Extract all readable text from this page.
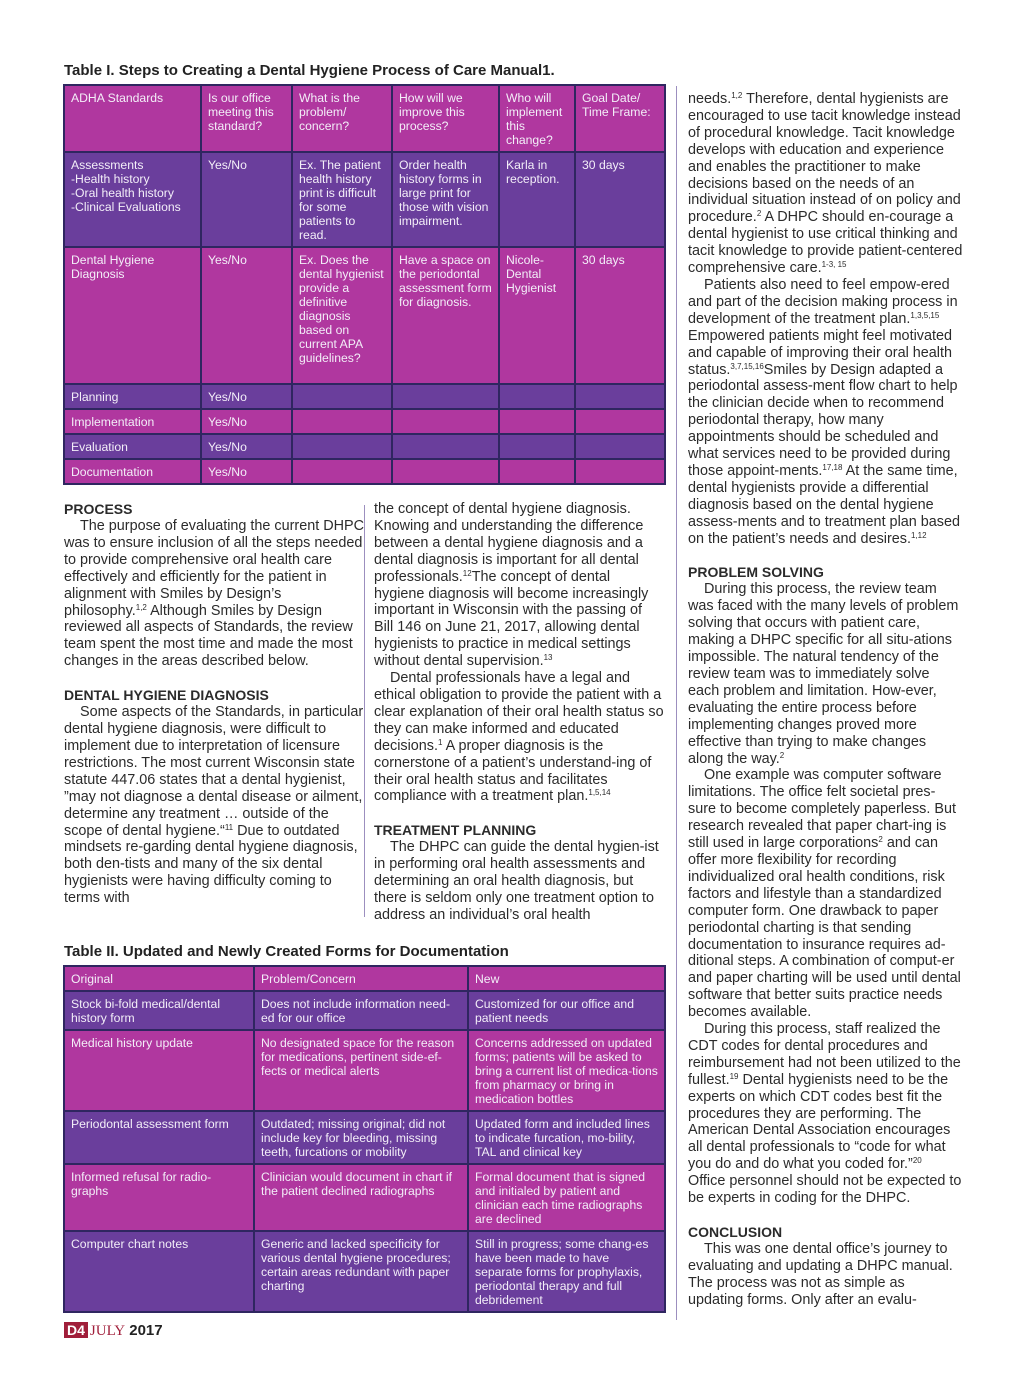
Table I. Steps to Creating a Dental Hygiene Process of Care Manual1.
ADHA Standards	Is our office meeting this standard?	What is the problem/ concern?	How will we improve this process?	Who will implement this change?	Goal Date/ Time Frame:
Assessments
-Health history
-Oral health history
-Clinical Evaluations	Yes/No	Ex. The patient health history print is difficult for some patients to read.	Order health history forms in large print for those with vision impairment.	Karla in reception.	30 days
Dental Hygiene Diagnosis	Yes/No	Ex. Does the dental hygienist provide a definitive diagnosis based on current APA guidelines?	Have a space on the periodontal assessment form for diagnosis.	Nicole- Dental Hygienist	30 days
Planning	Yes/No				
Implementation	Yes/No				
Evaluation	Yes/No				
Documentation	Yes/No				
Table II. Updated and Newly Created Forms for Documentation
Original	Problem/Concern	New
Stock bi-fold medical/dental history form	Does not include information need-ed for our office	Customized for our office and patient needs
Medical history update	No designated space for the reason for medications, pertinent side-ef-fects or medical alerts	Concerns addressed on updated forms; patients will be asked to bring a current list of medica-tions from pharmacy or bring in medication bottles
Periodontal assessment form	Outdated; missing original; did not include key for bleeding, missing teeth, furcations or mobility	Updated form and included lines to indicate furcation, mo-bility, TAL and clinical key
Informed refusal for radio-graphs	Clinician would document in chart if the patient declined radiographs	Formal document that is signed and initialed by patient and clinician each time radiographs are declined
Computer chart notes	Generic and lacked specificity for various dental hygiene procedures; certain areas redundant with paper charting	Still in progress; some chang-es have been made to have separate forms for prophylaxis, periodontal therapy and full debridement
PROCESS

The purpose of evaluating the current DHPC was to ensure inclusion of all the steps needed to provide comprehensive oral health care effectively and efficiently for the patient in alignment with Smiles by Design’s philosophy.$^{1,2}$ Although Smiles by Design reviewed all aspects of Standards, the review team spent the most time and made the most changes in the areas described below.

DENTAL HYGIENE DIAGNOSIS

Some aspects of the Standards, in particular dental hygiene diagnosis, were difficult to implement due to interpretation of licensure restrictions. The most current Wisconsin state statute 447.06 states that a dental hygienist, ”may not diagnose a dental disease or ailment, determine any treatment … outside of the scope of dental hygiene.“$^{11}$ Due to outdated mindsets re-garding dental hygiene diagnosis, both den-tists and many of the six dental hygienists were having difficulty coming to terms with

the concept of dental hygiene diagnosis. Knowing and understanding the difference between a dental hygiene diagnosis and a dental diagnosis is important for all dental professionals.$^{12}$The concept of dental hygiene diagnosis will become increasingly important in Wisconsin with the passing of Bill 146 on June 21, 2017, allowing dental hygienists to practice in medical settings without dental supervision.$^{13}$

Dental professionals have a legal and ethical obligation to provide the patient with a clear explanation of their oral health status so they can make informed and educated decisions.$^1$ A proper diagnosis is the cornerstone of a patient’s understand-ing of their oral health status and facilitates compliance with a treatment plan.$^{1,5,14}$

TREATMENT PLANNING

The DHPC can guide the dental hygien-ist in performing oral health assessments and determining an oral health diagnosis, but there is seldom only one treatment option to address an individual’s oral health

needs.$^{1,2}$ Therefore, dental hygienists are encouraged to use tacit knowledge instead of procedural knowledge. Tacit knowledge develops with education and experience and enables the practitioner to make decisions based on the needs of an individual situation instead of on policy and procedure.$^2$ A DHPC should en-courage a dental hygienist to use critical thinking and tacit knowledge to provide patient-centered comprehensive care.$^{1-3, 15}$

Patients also need to feel empow-ered and part of the decision making process in development of the treatment plan.$^{1,3,5,15}$ Empowered patients might feel motivated and capable of improving their oral health status.$^{3,7,15,16}$Smiles by Design adapted a periodontal assess-ment flow chart to help the clinician decide when to recommend periodontal therapy, how many appointments should be scheduled and what services need to be provided during those appoint-ments.$^{17,18}$ At the same time, dental hygienists provide a differential diagnosis based on the dental hygiene assess-ments and to treatment plan based on the patient’s needs and desires.$^{1,12}$

PROBLEM SOLVING

During this process, the review team was faced with the many levels of problem solving that occurs with patient care, making a DHPC specific for all situ-ations impossible. The natural tendency of the review team was to immediately solve each problem and limitation. How-ever, evaluating the entire process before implementing changes proved more effective than trying to make changes along the way.$^2$

One example was computer software limitations. The office felt societal pres-sure to become completely paperless. But research revealed that paper chart-ing is still used in large corporations$^2$ and can offer more flexibility for recording individualized oral health conditions, risk factors and lifestyle than a standardized computer form. One drawback to paper periodontal charting is that sending documentation to insurance requires ad-ditional steps. A combination of comput-er and paper charting will be used until dental software that better suits practice needs becomes available.

During this process, staff realized the CDT codes for dental procedures and reimbursement had not been utilized to the fullest.$^{19}$ Dental hygienists need to be the experts on which CDT codes best fit the procedures they are performing. The American Dental Association encourages all dental professionals to “code for what you do and do what you coded for.”$^{20}$ Office personnel should not be expected to be experts in coding for the DHPC.

CONCLUSION

This was one dental office’s journey to evaluating and updating a DHPC manual. The process was not as simple as updating forms. Only after an evalu-

D4 JULY 2017
